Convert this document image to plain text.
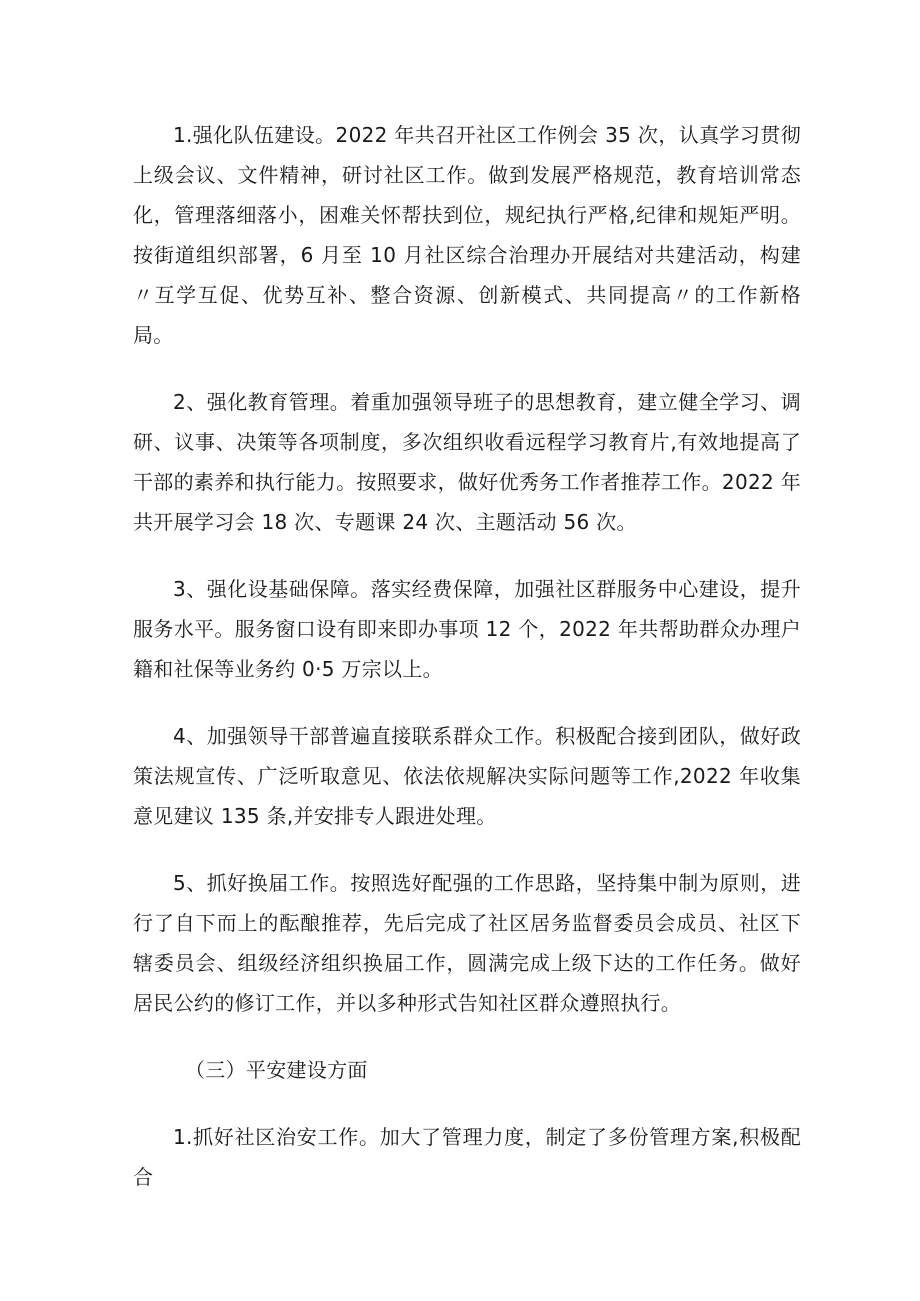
1.强化队伍建设。2022 年共召开社区工作例会 35 次，认真学习贯彻上级会议、文件精神，研讨社区工作。做到发展严格规范，教育培训常态化，管理落细落小，困难关怀帮扶到位，规纪执行严格,纪律和规矩严明。按街道组织部署，6 月至 10 月社区综合治理办开展结对共建活动，构建〃互学互促、优势互补、整合资源、创新模式、共同提高〃的工作新格局。

2、强化教育管理。着重加强领导班子的思想教育，建立健全学习、调研、议事、决策等各项制度，多次组织收看远程学习教育片,有效地提高了干部的素养和执行能力。按照要求，做好优秀务工作者推荐工作。2022 年共开展学习会 18 次、专题课 24 次、主题活动 56 次。

3、强化设基础保障。落实经费保障，加强社区群服务中心建设，提升服务水平。服务窗口设有即来即办事项 12 个，2022 年共帮助群众办理户籍和社保等业务约 0·5 万宗以上。

4、加强领导干部普遍直接联系群众工作。积极配合接到团队，做好政策法规宣传、广泛听取意见、依法依规解决实际问题等工作,2022 年收集意见建议 135 条,并安排专人跟进处理。

5、抓好换届工作。按照选好配强的工作思路，坚持集中制为原则，进行了自下而上的酝酿推荐，先后完成了社区居务监督委员会成员、社区下辖委员会、组级经济组织换届工作，圆满完成上级下达的工作任务。做好居民公约的修订工作，并以多种形式告知社区群众遵照执行。

（三）平安建设方面

1.抓好社区治安工作。加大了管理力度，制定了多份管理方案,积极配合
